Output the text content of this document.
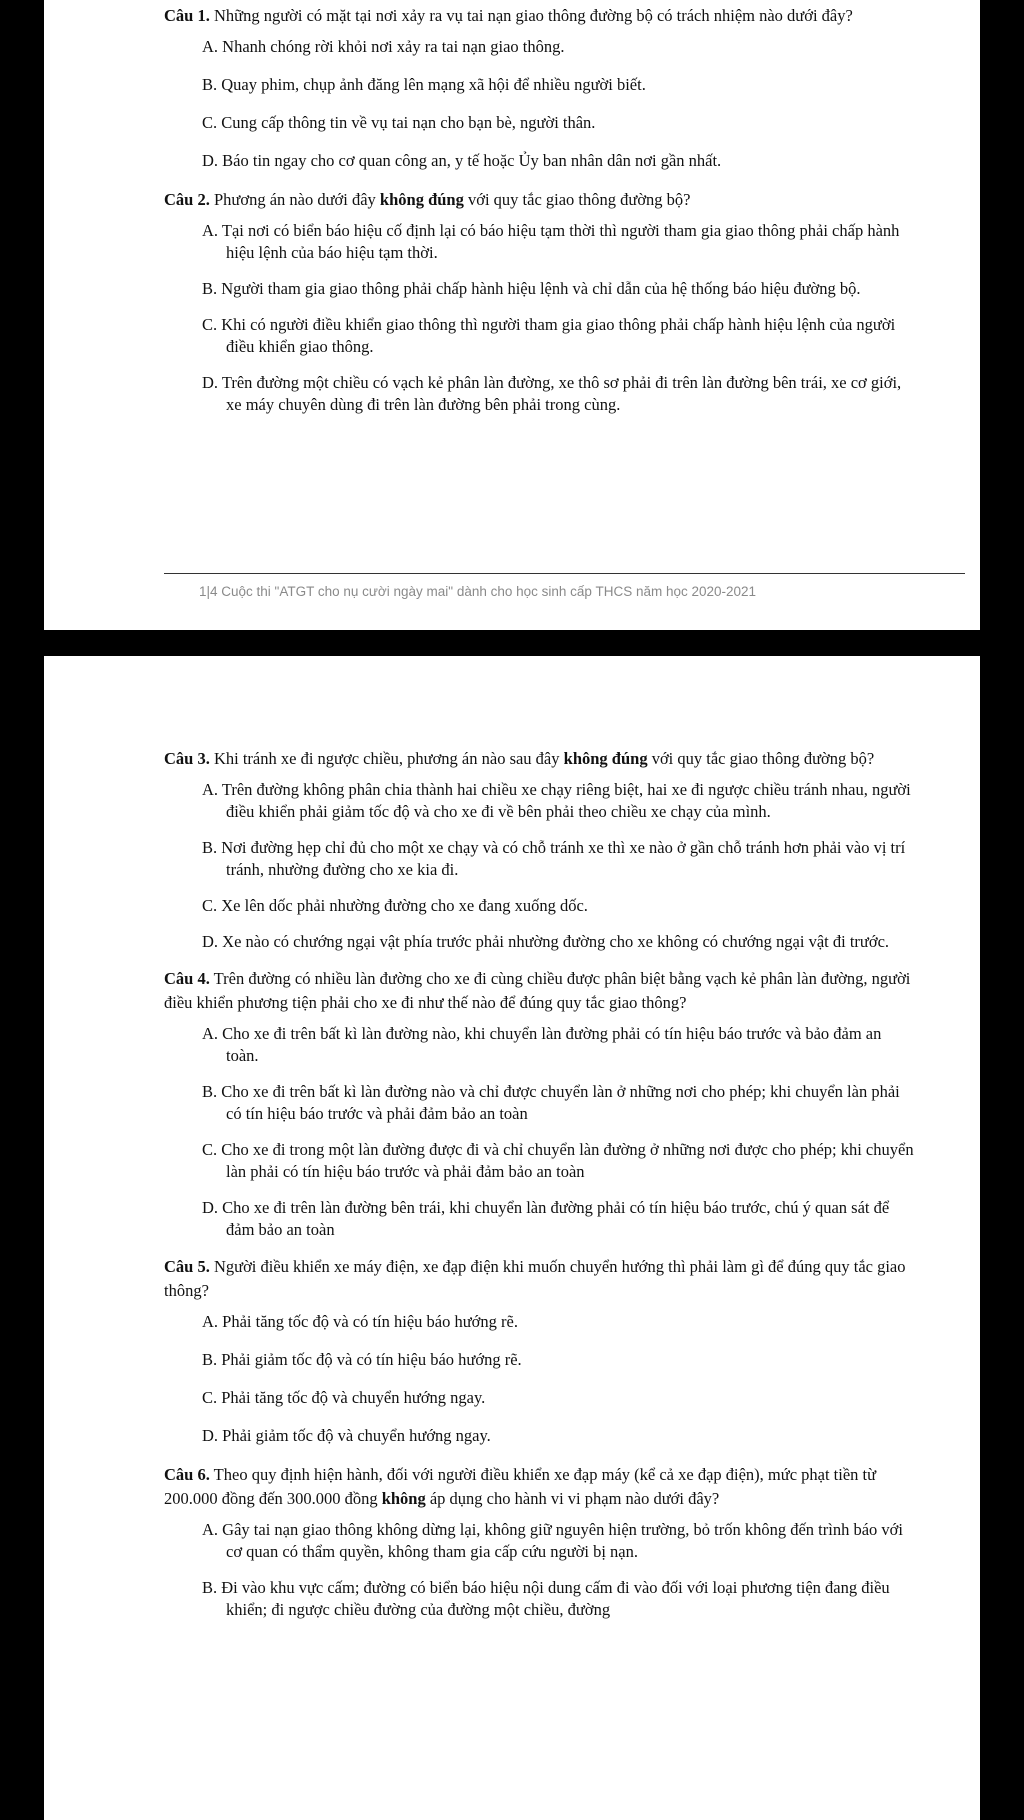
Câu 1. Những người có mặt tại nơi xảy ra vụ tai nạn giao thông đường bộ có trách nhiệm nào dưới đây?

A. Nhanh chóng rời khỏi nơi xảy ra tai nạn giao thông.

B. Quay phim, chụp ảnh đăng lên mạng xã hội để nhiều người biết.

C. Cung cấp thông tin về vụ tai nạn cho bạn bè, người thân.

D. Báo tin ngay cho cơ quan công an, y tế hoặc Ủy ban nhân dân nơi gần nhất.

Câu 2. Phương án nào dưới đây không đúng với quy tắc giao thông đường bộ?

A. Tại nơi có biển báo hiệu cố định lại có báo hiệu tạm thời thì người tham gia giao thông phải chấp hành hiệu lệnh của báo hiệu tạm thời.

B. Người tham gia giao thông phải chấp hành hiệu lệnh và chỉ dẫn của hệ thống báo hiệu đường bộ.

C. Khi có người điều khiển giao thông thì người tham gia giao thông phải chấp hành hiệu lệnh của người điều khiển giao thông.

D. Trên đường một chiều có vạch kẻ phân làn đường, xe thô sơ phải đi trên làn đường bên trái, xe cơ giới, xe máy chuyên dùng đi trên làn đường bên phải trong cùng.

1|4 Cuộc thi "ATGT cho nụ cười ngày mai" dành cho học sinh cấp THCS năm học 2020-2021

Câu 3. Khi tránh xe đi ngược chiều, phương án nào sau đây không đúng với quy tắc giao thông đường bộ?

A. Trên đường không phân chia thành hai chiều xe chạy riêng biệt, hai xe đi ngược chiều tránh nhau, người điều khiển phải giảm tốc độ và cho xe đi về bên phải theo chiều xe chạy của mình.

B. Nơi đường hẹp chỉ đủ cho một xe chạy và có chỗ tránh xe thì xe nào ở gần chỗ tránh hơn phải vào vị trí tránh, nhường đường cho xe kia đi.

C. Xe lên dốc phải nhường đường cho xe đang xuống dốc.

D. Xe nào có chướng ngại vật phía trước phải nhường đường cho xe không có chướng ngại vật đi trước.

Câu 4. Trên đường có nhiều làn đường cho xe đi cùng chiều được phân biệt bằng vạch kẻ phân làn đường, người điều khiển phương tiện phải cho xe đi như thế nào để đúng quy tắc giao thông?

A. Cho xe đi trên bất kì làn đường nào, khi chuyển làn đường phải có tín hiệu báo trước và bảo đảm an toàn.

B. Cho xe đi trên bất kì làn đường nào và chỉ được chuyển làn ở những nơi cho phép; khi chuyển làn phải có tín hiệu báo trước và phải đảm bảo an toàn

C. Cho xe đi trong một làn đường được đi và chỉ chuyển làn đường ở những nơi được cho phép; khi chuyển làn phải có tín hiệu báo trước và phải đảm bảo an toàn

D. Cho xe đi trên làn đường bên trái, khi chuyển làn đường phải có tín hiệu báo trước, chú ý quan sát để đảm bảo an toàn

Câu 5. Người điều khiển xe máy điện, xe đạp điện khi muốn chuyển hướng thì phải làm gì để đúng quy tắc giao thông?

A. Phải tăng tốc độ và có tín hiệu báo hướng rẽ.

B. Phải giảm tốc độ và có tín hiệu báo hướng rẽ.

C. Phải tăng tốc độ và chuyển hướng ngay.

D. Phải giảm tốc độ và chuyển hướng ngay.

Câu 6. Theo quy định hiện hành, đối với người điều khiển xe đạp máy (kể cả xe đạp điện), mức phạt tiền từ 200.000 đồng đến 300.000 đồng không áp dụng cho hành vi vi phạm nào dưới đây?

A. Gây tai nạn giao thông không dừng lại, không giữ nguyên hiện trường, bỏ trốn không đến trình báo với cơ quan có thẩm quyền, không tham gia cấp cứu người bị nạn.

B. Đi vào khu vực cấm; đường có biển báo hiệu nội dung cấm đi vào đối với loại phương tiện đang điều khiển; đi ngược chiều đường của đường một chiều, đường
